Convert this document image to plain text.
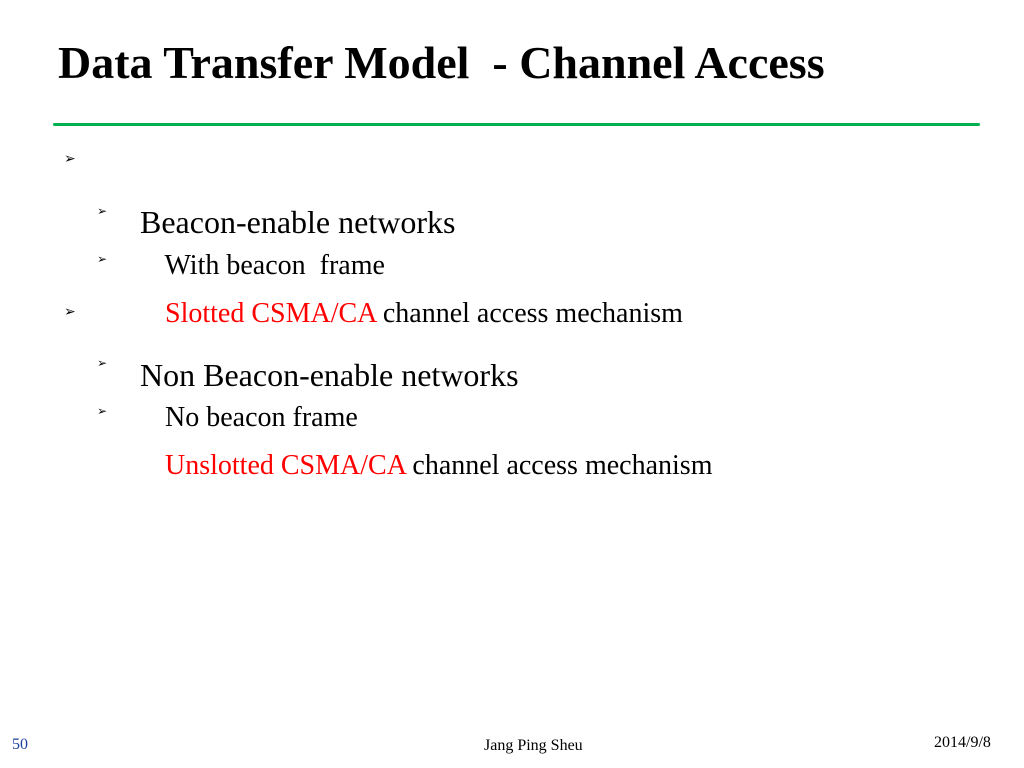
Data Transfer Model  - Channel Access

➢

Beacon-enable networks

➢

With beacon  frame

➢

Slotted CSMA/CA channel access mechanism

➢

Non Beacon-enable networks

➢

No beacon frame

➢

Unslotted CSMA/CA channel access mechanism

50	Jang Ping Sheu	2014/9/8
